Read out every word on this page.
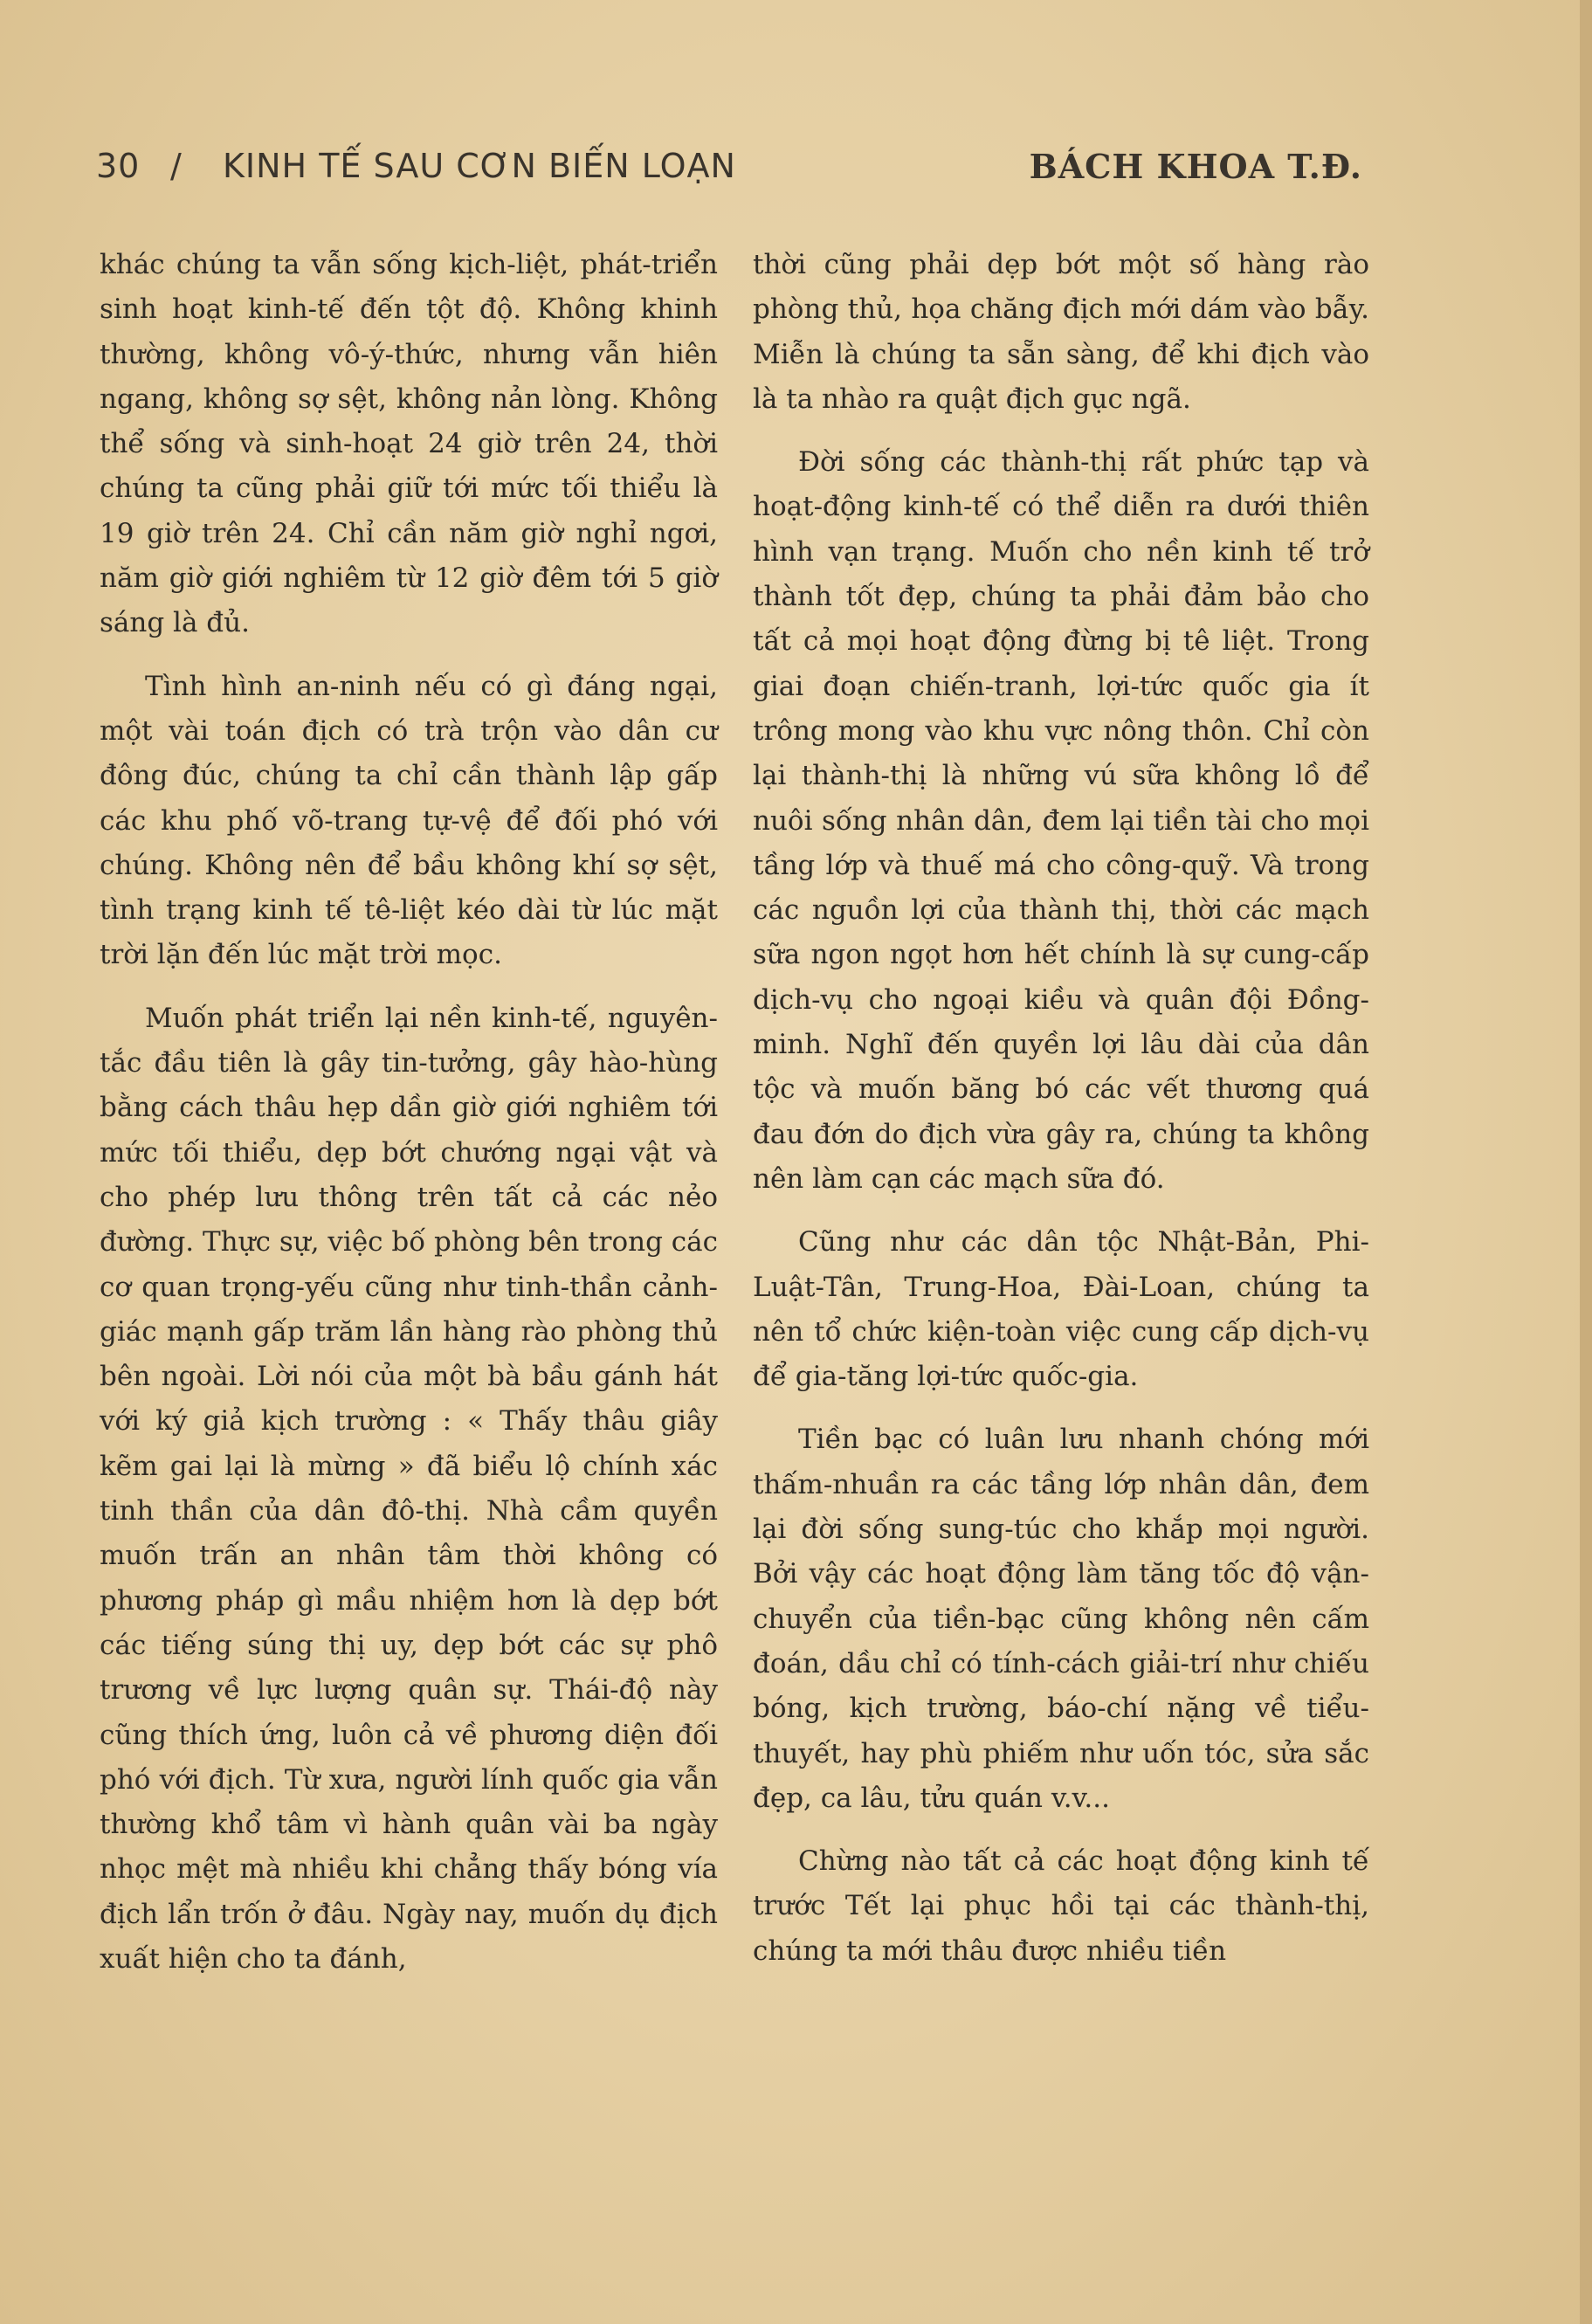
30 / KINH TẾ SAU CƠN BIẾN LOẠN	BÁCH KHOA T.Đ.

khác chúng ta vẫn sống kịch-liệt, phát-triển sinh hoạt kinh-tế đến tột độ. Không khinh thường, không vô-ý-thức, nhưng vẫn hiên ngang, không sợ sệt, không nản lòng. Không thể sống và sinh-hoạt 24 giờ trên 24, thời chúng ta cũng phải giữ tới mức tối thiểu là 19 giờ trên 24. Chỉ cần năm giờ nghỉ ngơi, năm giờ giới nghiêm từ 12 giờ đêm tới 5 giờ sáng là đủ.

Tình hình an-ninh nếu có gì đáng ngại, một vài toán địch có trà trộn vào dân cư đông đúc, chúng ta chỉ cần thành lập gấp các khu phố võ-trang tự-vệ để đối phó với chúng. Không nên để bầu không khí sợ sệt, tình trạng kinh tế tê-liệt kéo dài từ lúc mặt trời lặn đến lúc mặt trời mọc.

Muốn phát triển lại nền kinh-tế, nguyên-tắc đầu tiên là gây tin-tưởng, gây hào-hùng bằng cách thâu hẹp dần giờ giới nghiêm tới mức tối thiểu, dẹp bớt chướng ngại vật và cho phép lưu thông trên tất cả các nẻo đường. Thực sự, việc bố phòng bên trong các cơ quan trọng-yếu cũng như tinh-thần cảnh-giác mạnh gấp trăm lần hàng rào phòng thủ bên ngoài. Lời nói của một bà bầu gánh hát với ký giả kịch trường : « Thấy thâu giây kẽm gai lại là mừng » đã biểu lộ chính xác tinh thần của dân đô-thị. Nhà cầm quyền muốn trấn an nhân tâm thời không có phương pháp gì mầu nhiệm hơn là dẹp bớt các tiếng súng thị uy, dẹp bớt các sự phô trương về lực lượng quân sự. Thái-độ này cũng thích ứng, luôn cả về phương diện đối phó với địch. Từ xưa, người lính quốc gia vẫn thường khổ tâm vì hành quân vài ba ngày nhọc mệt mà nhiều khi chẳng thấy bóng vía địch lẩn trốn ở đâu. Ngày nay, muốn dụ địch xuất hiện cho ta đánh,

thời cũng phải dẹp bớt một số hàng rào phòng thủ, họa chăng địch mới dám vào bẫy. Miễn là chúng ta sẵn sàng, để khi địch vào là ta nhào ra quật địch gục ngã.

Đời sống các thành-thị rất phức tạp và hoạt-động kinh-tế có thể diễn ra dưới thiên hình vạn trạng. Muốn cho nền kinh tế trở thành tốt đẹp, chúng ta phải đảm bảo cho tất cả mọi hoạt động đừng bị tê liệt. Trong giai đoạn chiến-tranh, lợi-tức quốc gia ít trông mong vào khu vực nông thôn. Chỉ còn lại thành-thị là những vú sữa không lồ để nuôi sống nhân dân, đem lại tiền tài cho mọi tầng lớp và thuế má cho công-quỹ. Và trong các nguồn lợi của thành thị, thời các mạch sữa ngon ngọt hơn hết chính là sự cung-cấp dịch-vụ cho ngoại kiều và quân đội Đồng-minh. Nghĩ đến quyền lợi lâu dài của dân tộc và muốn băng bó các vết thương quá đau đớn do địch vừa gây ra, chúng ta không nên làm cạn các mạch sữa đó.

Cũng như các dân tộc Nhật-Bản, Phi-Luật-Tân, Trung-Hoa, Đài-Loan, chúng ta nên tổ chức kiện-toàn việc cung cấp dịch-vụ để gia-tăng lợi-tức quốc-gia.

Tiền bạc có luân lưu nhanh chóng mới thấm-nhuần ra các tầng lớp nhân dân, đem lại đời sống sung-túc cho khắp mọi người. Bởi vậy các hoạt động làm tăng tốc độ vận-chuyển của tiền-bạc cũng không nên cấm đoán, dầu chỉ có tính-cách giải-trí như chiếu bóng, kịch trường, báo-chí nặng về tiểu-thuyết, hay phù phiếm như uốn tóc, sửa sắc đẹp, ca lâu, tửu quán v.v...

Chừng nào tất cả các hoạt động kinh tế trước Tết lại phục hồi tại các thành-thị, chúng ta mới thâu được nhiều tiền
